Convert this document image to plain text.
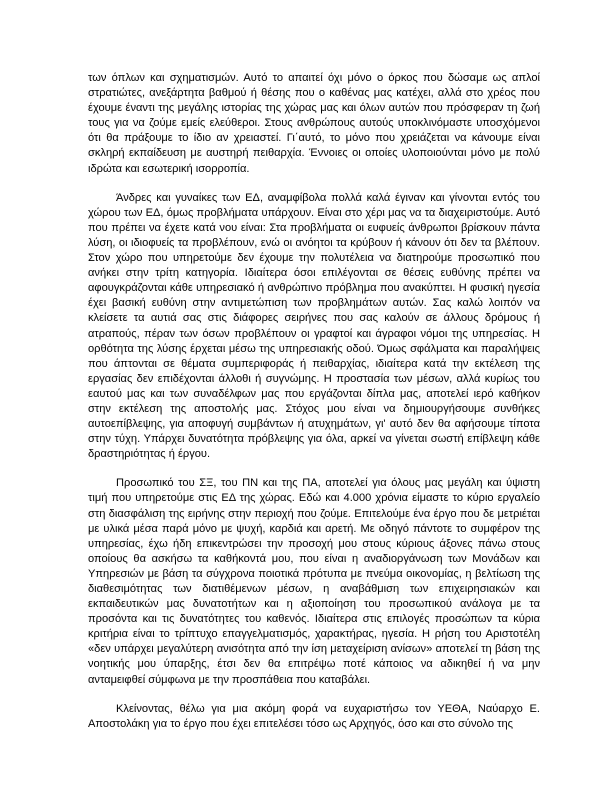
των όπλων και σχηματισμών. Αυτό το απαιτεί όχι μόνο ο όρκος που δώσαμε ως απλοί στρατιώτες, ανεξάρτητα βαθμού ή θέσης που ο καθένας μας κατέχει, αλλά στο χρέος που έχουμε έναντι της μεγάλης ιστορίας της χώρας μας και όλων αυτών που πρόσφεραν τη ζωή τους για να ζούμε εμείς ελεύθεροι. Στους ανθρώπους αυτούς υποκλινόμαστε υποσχόμενοι ότι θα πράξουμε το ίδιο αν χρειαστεί. Γι΄αυτό, το μόνο που χρειάζεται να κάνουμε είναι σκληρή εκπαίδευση με αυστηρή πειθαρχία. Έννοιες οι οποίες υλοποιούνται μόνο με πολύ ιδρώτα και εσωτερική ισορροπία.

Άνδρες και γυναίκες των ΕΔ, αναμφίβολα πολλά καλά έγιναν και γίνονται εντός του χώρου των ΕΔ, όμως προβλήματα υπάρχουν. Είναι στο χέρι μας να τα διαχειριστούμε. Αυτό που πρέπει να έχετε κατά νου είναι: Στα προβλήματα οι ευφυείς άνθρωποι βρίσκουν πάντα λύση, οι ιδιοφυείς τα προβλέπουν, ενώ οι ανόητοι τα κρύβουν ή κάνουν ότι δεν τα βλέπουν. Στον χώρο που υπηρετούμε δεν έχουμε την πολυτέλεια να διατηρούμε προσωπικό που ανήκει στην τρίτη κατηγορία. Ιδιαίτερα όσοι επιλέγονται σε θέσεις ευθύνης πρέπει να αφουγκράζονται κάθε υπηρεσιακό ή ανθρώπινο πρόβλημα που ανακύπτει. Η φυσική ηγεσία έχει βασική ευθύνη στην αντιμετώπιση των προβλημάτων αυτών. Σας καλώ λοιπόν να κλείσετε τα αυτιά σας στις διάφορες σειρήνες που σας καλούν σε άλλους δρόμους ή ατραπούς, πέραν των όσων προβλέπουν οι γραφτοί και άγραφοι νόμοι της υπηρεσίας. Η ορθότητα της λύσης έρχεται μέσω της υπηρεσιακής οδού. Όμως σφάλματα και παραλήψεις που άπτονται σε θέματα συμπεριφοράς ή πειθαρχίας, ιδιαίτερα κατά την εκτέλεση της εργασίας δεν επιδέχονται άλλοθι ή συγνώμης. Η προστασία των μέσων, αλλά κυρίως του εαυτού μας και των συναδέλφων μας που εργάζονται δίπλα μας, αποτελεί ιερό καθήκον στην εκτέλεση της αποστολής μας. Στόχος μου είναι να δημιουργήσουμε συνθήκες αυτοεπίβλεψης, για αποφυγή συμβάντων ή ατυχημάτων, γι' αυτό δεν θα αφήσουμε τίποτα στην τύχη. Υπάρχει δυνατότητα πρόβλεψης για όλα, αρκεί να γίνεται σωστή επίβλεψη κάθε δραστηριότητας ή έργου.

Προσωπικό του ΣΞ, του ΠΝ και της ΠΑ, αποτελεί για όλους μας μεγάλη και ύψιστη τιμή που υπηρετούμε στις ΕΔ της χώρας. Εδώ και 4.000 χρόνια είμαστε το κύριο εργαλείο στη διασφάλιση της ειρήνης στην περιοχή που ζούμε. Επιτελούμε ένα έργο που δε μετριέται με υλικά μέσα παρά μόνο με ψυχή, καρδιά και αρετή. Με οδηγό πάντοτε το συμφέρον της υπηρεσίας, έχω ήδη επικεντρώσει την προσοχή μου στους κύριους άξονες πάνω στους οποίους θα ασκήσω τα καθήκοντά μου, που είναι η αναδιοργάνωση των Μονάδων και Υπηρεσιών με βάση τα σύγχρονα ποιοτικά πρότυπα με πνεύμα οικονομίας, η βελτίωση της διαθεσιμότητας των διατιθέμενων μέσων, η αναβάθμιση των επιχειρησιακών και εκπαιδευτικών μας δυνατοτήτων και η αξιοποίηση του προσωπικού ανάλογα με τα προσόντα και τις δυνατότητες του καθενός. Ιδιαίτερα στις επιλογές προσώπων τα κύρια κριτήρια είναι το τρίπτυχο επαγγελματισμός, χαρακτήρας, ηγεσία. Η ρήση του Αριστοτέλη «δεν υπάρχει μεγαλύτερη ανισότητα από την ίση μεταχείριση ανίσων» αποτελεί τη βάση της νοητικής μου ύπαρξης, έτσι δεν θα επιτρέψω ποτέ κάποιος να αδικηθεί ή να μην ανταμειφθεί σύμφωνα με την προσπάθεια που καταβάλει.

Κλείνοντας, θέλω για μια ακόμη φορά να ευχαριστήσω τον ΥΕΘΑ, Ναύαρχο Ε. Αποστολάκη για το έργο που έχει επιτελέσει τόσο ως Αρχηγός, όσο και στο σύνολο της
